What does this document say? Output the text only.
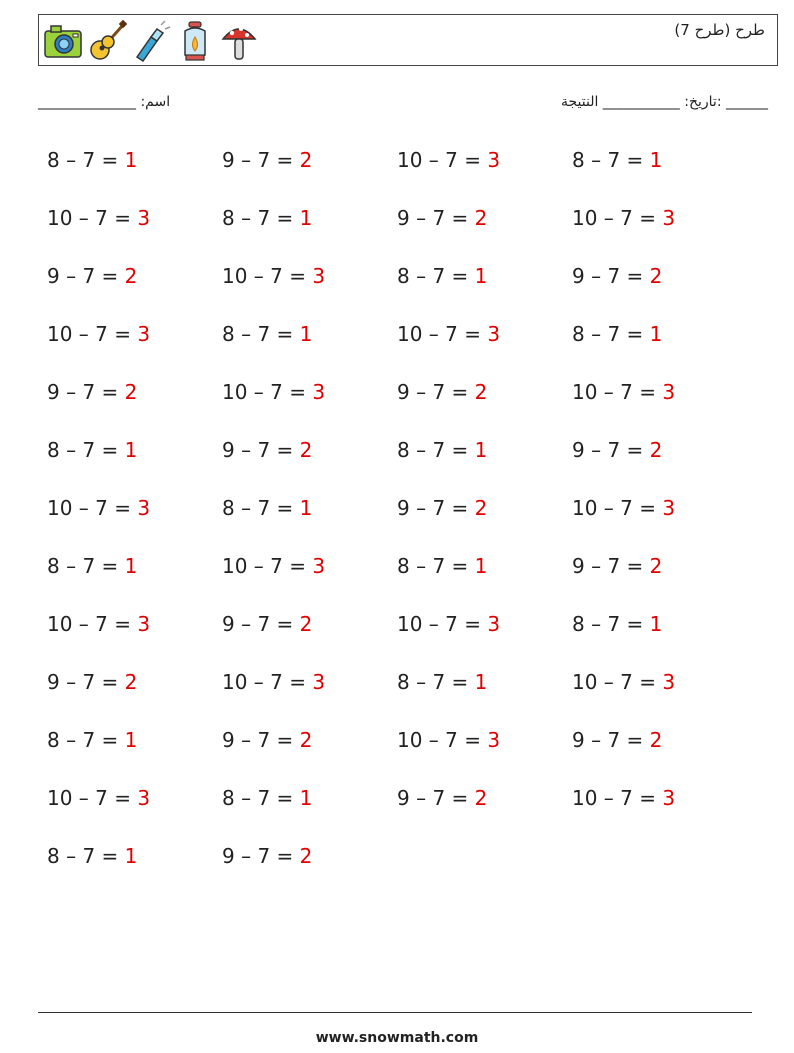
طرح (طرح 7)
______ :تاريخ: ___________ النتيجة
اسم: ______________
8 – 7 = 1	9 – 7 = 2	10 – 7 = 3	8 – 7 = 1
10 – 7 = 3	8 – 7 = 1	9 – 7 = 2	10 – 7 = 3
9 – 7 = 2	10 – 7 = 3	8 – 7 = 1	9 – 7 = 2
10 – 7 = 3	8 – 7 = 1	10 – 7 = 3	8 – 7 = 1
9 – 7 = 2	10 – 7 = 3	9 – 7 = 2	10 – 7 = 3
8 – 7 = 1	9 – 7 = 2	8 – 7 = 1	9 – 7 = 2
10 – 7 = 3	8 – 7 = 1	9 – 7 = 2	10 – 7 = 3
8 – 7 = 1	10 – 7 = 3	8 – 7 = 1	9 – 7 = 2
10 – 7 = 3	9 – 7 = 2	10 – 7 = 3	8 – 7 = 1
9 – 7 = 2	10 – 7 = 3	8 – 7 = 1	10 – 7 = 3
8 – 7 = 1	9 – 7 = 2	10 – 7 = 3	9 – 7 = 2
10 – 7 = 3	8 – 7 = 1	9 – 7 = 2	10 – 7 = 3
8 – 7 = 1	9 – 7 = 2
www.snowmath.com
